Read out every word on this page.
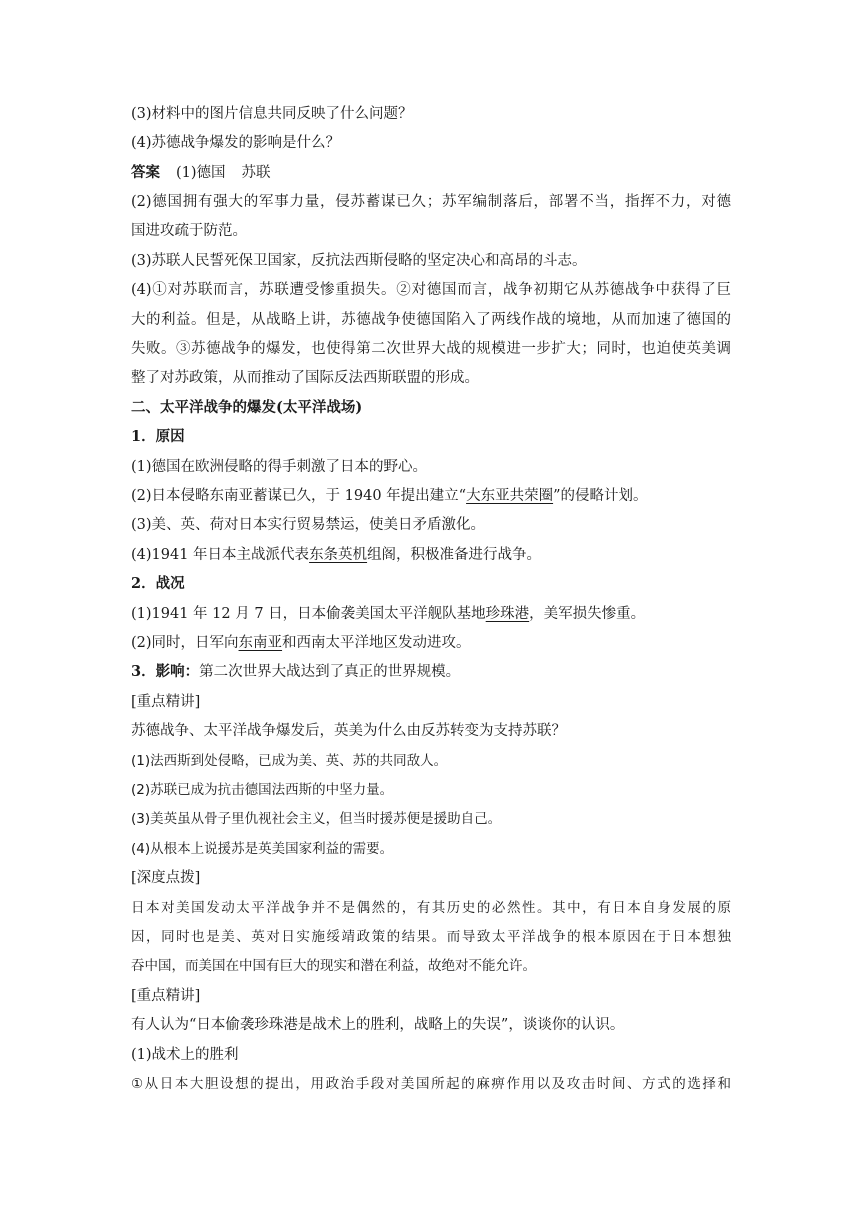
(3)材料中的图片信息共同反映了什么问题？
(4)苏德战争爆发的影响是什么？
答案 (1)德国 苏联
(2)德国拥有强大的军事力量，侵苏蓄谋已久；苏军编制落后，部署不当，指挥不力，对德
国进攻疏于防范。
(3)苏联人民誓死保卫国家，反抗法西斯侵略的坚定决心和高昂的斗志。
(4)①对苏联而言，苏联遭受惨重损失。②对德国而言，战争初期它从苏德战争中获得了巨
大的利益。但是，从战略上讲，苏德战争使德国陷入了两线作战的境地，从而加速了德国的
失败。③苏德战争的爆发，也使得第二次世界大战的规模进一步扩大；同时，也迫使英美调
整了对苏政策，从而推动了国际反法西斯联盟的形成。
二、太平洋战争的爆发(太平洋战场)
1．原因
(1)德国在欧洲侵略的得手刺激了日本的野心。
(2)日本侵略东南亚蓄谋已久，于 1940 年提出建立“大东亚共荣圈”的侵略计划。
(3)美、英、荷对日本实行贸易禁运，使美日矛盾激化。
(4)1941 年日本主战派代表东条英机组阁，积极准备进行战争。
2．战况
(1)1941 年 12 月 7 日，日本偷袭美国太平洋舰队基地珍珠港，美军损失惨重。
(2)同时，日军向东南亚和西南太平洋地区发动进攻。
3．影响：第二次世界大战达到了真正的世界规模。
[重点精讲]
苏德战争、太平洋战争爆发后，英美为什么由反苏转变为支持苏联？
(1)法西斯到处侵略，已成为美、英、苏的共同敌人。
(2)苏联已成为抗击德国法西斯的中坚力量。
(3)美英虽从骨子里仇视社会主义，但当时援苏便是援助自己。
(4)从根本上说援苏是英美国家利益的需要。
[深度点拨]
日本对美国发动太平洋战争并不是偶然的，有其历史的必然性。其中，有日本自身发展的原
因，同时也是美、英对日实施绥靖政策的结果。而导致太平洋战争的根本原因在于日本想独
吞中国，而美国在中国有巨大的现实和潜在利益，故绝对不能允许。
[重点精讲]
有人认为“日本偷袭珍珠港是战术上的胜利，战略上的失误”，谈谈你的认识。
(1)战术上的胜利
①从日本大胆设想的提出，用政治手段对美国所起的麻痹作用以及攻击时间、方式的选择和
